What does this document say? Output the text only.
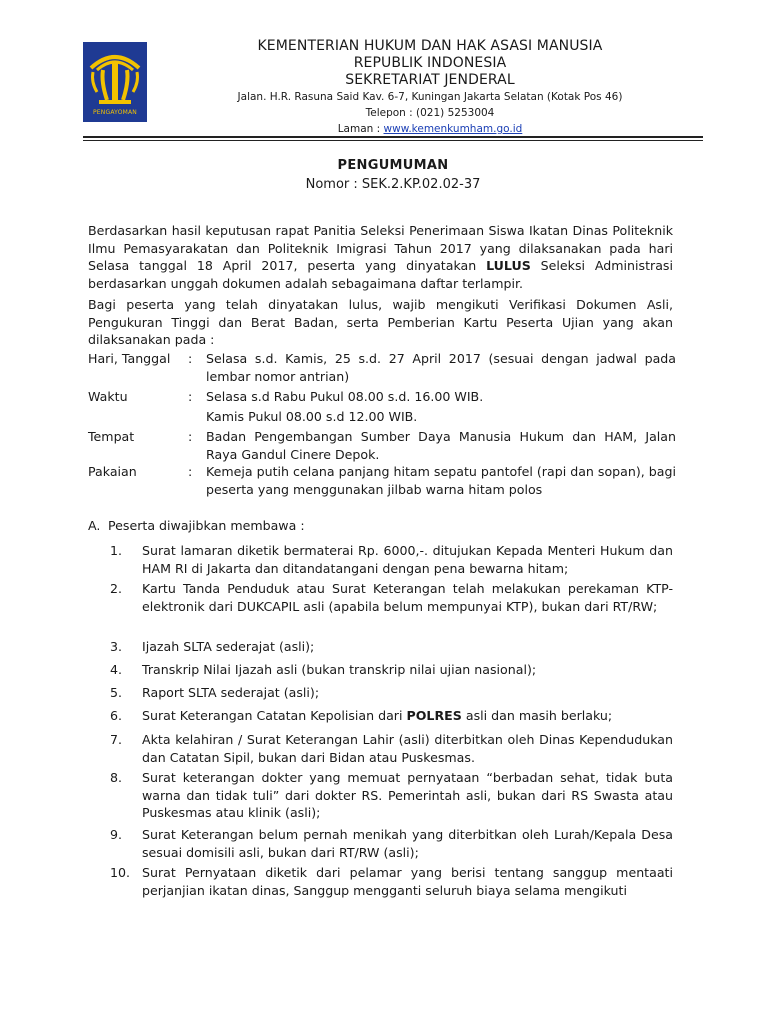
PENGAYOMAN
KEMENTERIAN HUKUM DAN HAK ASASI MANUSIA
REPUBLIK INDONESIA
SEKRETARIAT JENDERAL
Jalan. H.R. Rasuna Said Kav. 6-7, Kuningan Jakarta Selatan (Kotak Pos 46)
Telepon : (021) 5253004
Laman : www.kemenkumham.go.id
PENGUMUMAN
Nomor : SEK.2.KP.02.02-37
Berdasarkan hasil keputusan rapat Panitia Seleksi Penerimaan Siswa Ikatan Dinas Politeknik Ilmu Pemasyarakatan dan Politeknik Imigrasi Tahun 2017 yang dilaksanakan pada hari Selasa tanggal 18 April 2017, peserta yang dinyatakan LULUS Seleksi Administrasi berdasarkan unggah dokumen adalah sebagaimana daftar terlampir.
Bagi peserta yang telah dinyatakan lulus, wajib mengikuti Verifikasi Dokumen Asli, Pengukuran Tinggi dan Berat Badan, serta Pemberian Kartu Peserta Ujian yang akan dilaksanakan pada :
Hari, Tanggal	:	Selasa s.d. Kamis, 25 s.d. 27 April 2017 (sesuai dengan jadwal pada lembar nomor antrian)
Waktu	:	Selasa s.d Rabu Pukul 08.00 s.d. 16.00 WIB.
Kamis Pukul 08.00 s.d 12.00 WIB.
Tempat	:	Badan Pengembangan Sumber Daya Manusia Hukum dan HAM, Jalan Raya Gandul Cinere Depok.
Pakaian	:	Kemeja putih celana panjang hitam sepatu pantofel (rapi dan sopan), bagi peserta yang menggunakan jilbab warna hitam polos
A. Peserta diwajibkan membawa :
1.	Surat lamaran diketik bermaterai Rp. 6000,-. ditujukan Kepada Menteri Hukum dan HAM RI di Jakarta dan ditandatangani dengan pena bewarna hitam;
2.	Kartu Tanda Penduduk atau Surat Keterangan telah melakukan perekaman KTP-elektronik dari DUKCAPIL asli (apabila belum mempunyai KTP), bukan dari RT/RW;
3.	Ijazah SLTA sederajat (asli);
4.	Transkrip Nilai Ijazah asli (bukan transkrip nilai ujian nasional);
5.	Raport SLTA sederajat (asli);
6.	Surat Keterangan Catatan Kepolisian dari POLRES asli dan masih berlaku;
7.	Akta kelahiran / Surat Keterangan Lahir (asli) diterbitkan oleh Dinas Kependudukan dan Catatan Sipil, bukan dari Bidan atau Puskesmas.
8.	Surat keterangan dokter yang memuat pernyataan “berbadan sehat, tidak buta warna dan tidak tuli” dari dokter RS. Pemerintah asli, bukan dari RS Swasta atau Puskesmas atau klinik (asli);
9.	Surat Keterangan belum pernah menikah yang diterbitkan oleh Lurah/Kepala Desa sesuai domisili asli, bukan dari RT/RW (asli);
10. Surat Pernyataan diketik dari pelamar yang berisi tentang sanggup mentaati perjanjian ikatan dinas, Sanggup mengganti seluruh biaya selama mengikuti
